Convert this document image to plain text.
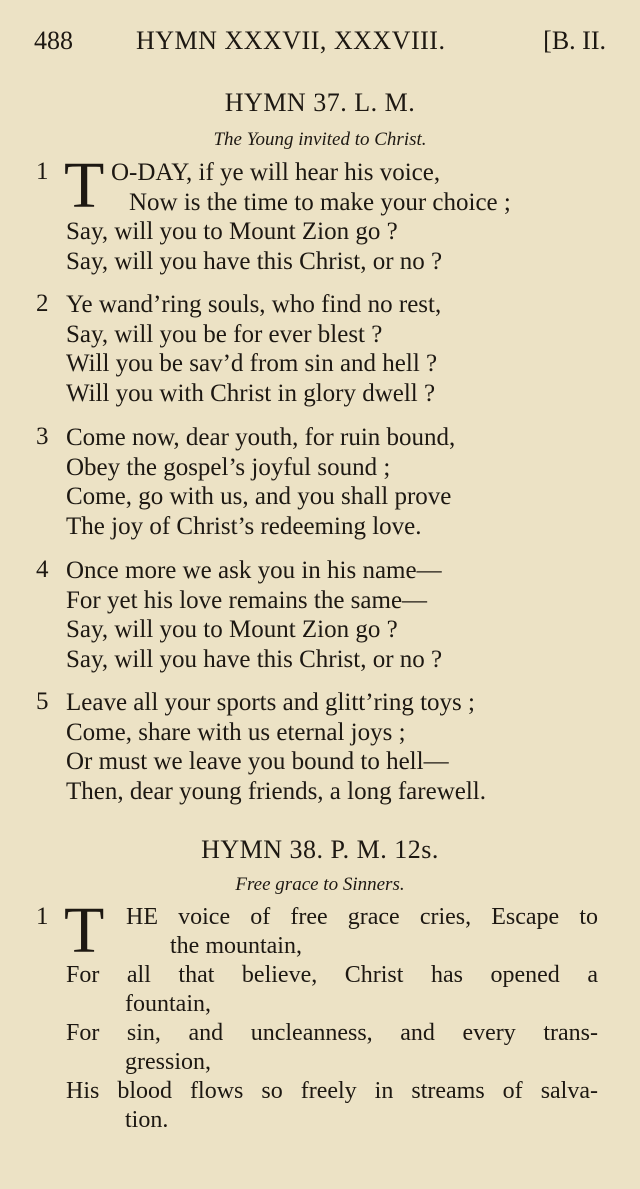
488 HYMN XXXVII, XXXVIII.	[B. II.
HYMN 37. L. M.
The Young invited to Christ.
1 T O-DAY, if ye will hear his voice,
Now is the time to make your choice ;
Say, will you to Mount Zion go ?
Say, will you have this Christ, or no ?
2 Ye wand’ring souls, who find no rest,
Say, will you be for ever blest ?
Will you be sav’d from sin and hell ?
Will you with Christ in glory dwell ?
3 Come now, dear youth, for ruin bound,
Obey the gospel’s joyful sound ;
Come, go with us, and you shall prove
The joy of Christ’s redeeming love.
4 Once more we ask you in his name—
For yet his love remains the same—
Say, will you to Mount Zion go ?
Say, will you have this Christ, or no ?
5 Leave all your sports and glitt’ring toys ;
Come, share with us eternal joys ;
Or must we leave you bound to hell—
Then, dear young friends, a long farewell.
HYMN 38. P. M. 12s.
Free grace to Sinners.
1 T HE voice of free grace cries, Escape to
the mountain,
For all that believe, Christ has opened a
fountain,
For sin, and uncleanness, and every trans-
gression,
His blood flows so freely in streams of salva-
tion.
